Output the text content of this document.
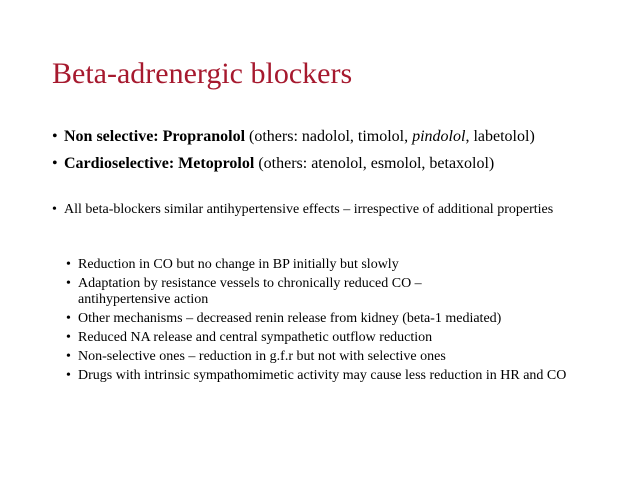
Beta-adrenergic blockers
• Non selective: Propranolol (others: nadolol, timolol, pindolol, labetolol)
• Cardioselective: Metoprolol (others: atenolol, esmolol, betaxolol)
• All beta-blockers similar antihypertensive effects – irrespective of additional properties
• Reduction in CO but no change in BP initially but slowly
• Adaptation by resistance vessels to chronically reduced CO – antihypertensive action
• Other mechanisms – decreased renin release from kidney (beta-1 mediated)
• Reduced NA release and central sympathetic outflow reduction
• Non-selective ones – reduction in g.f.r but not with selective ones
• Drugs with intrinsic sympathomimetic activity may cause less reduction in HR and CO
